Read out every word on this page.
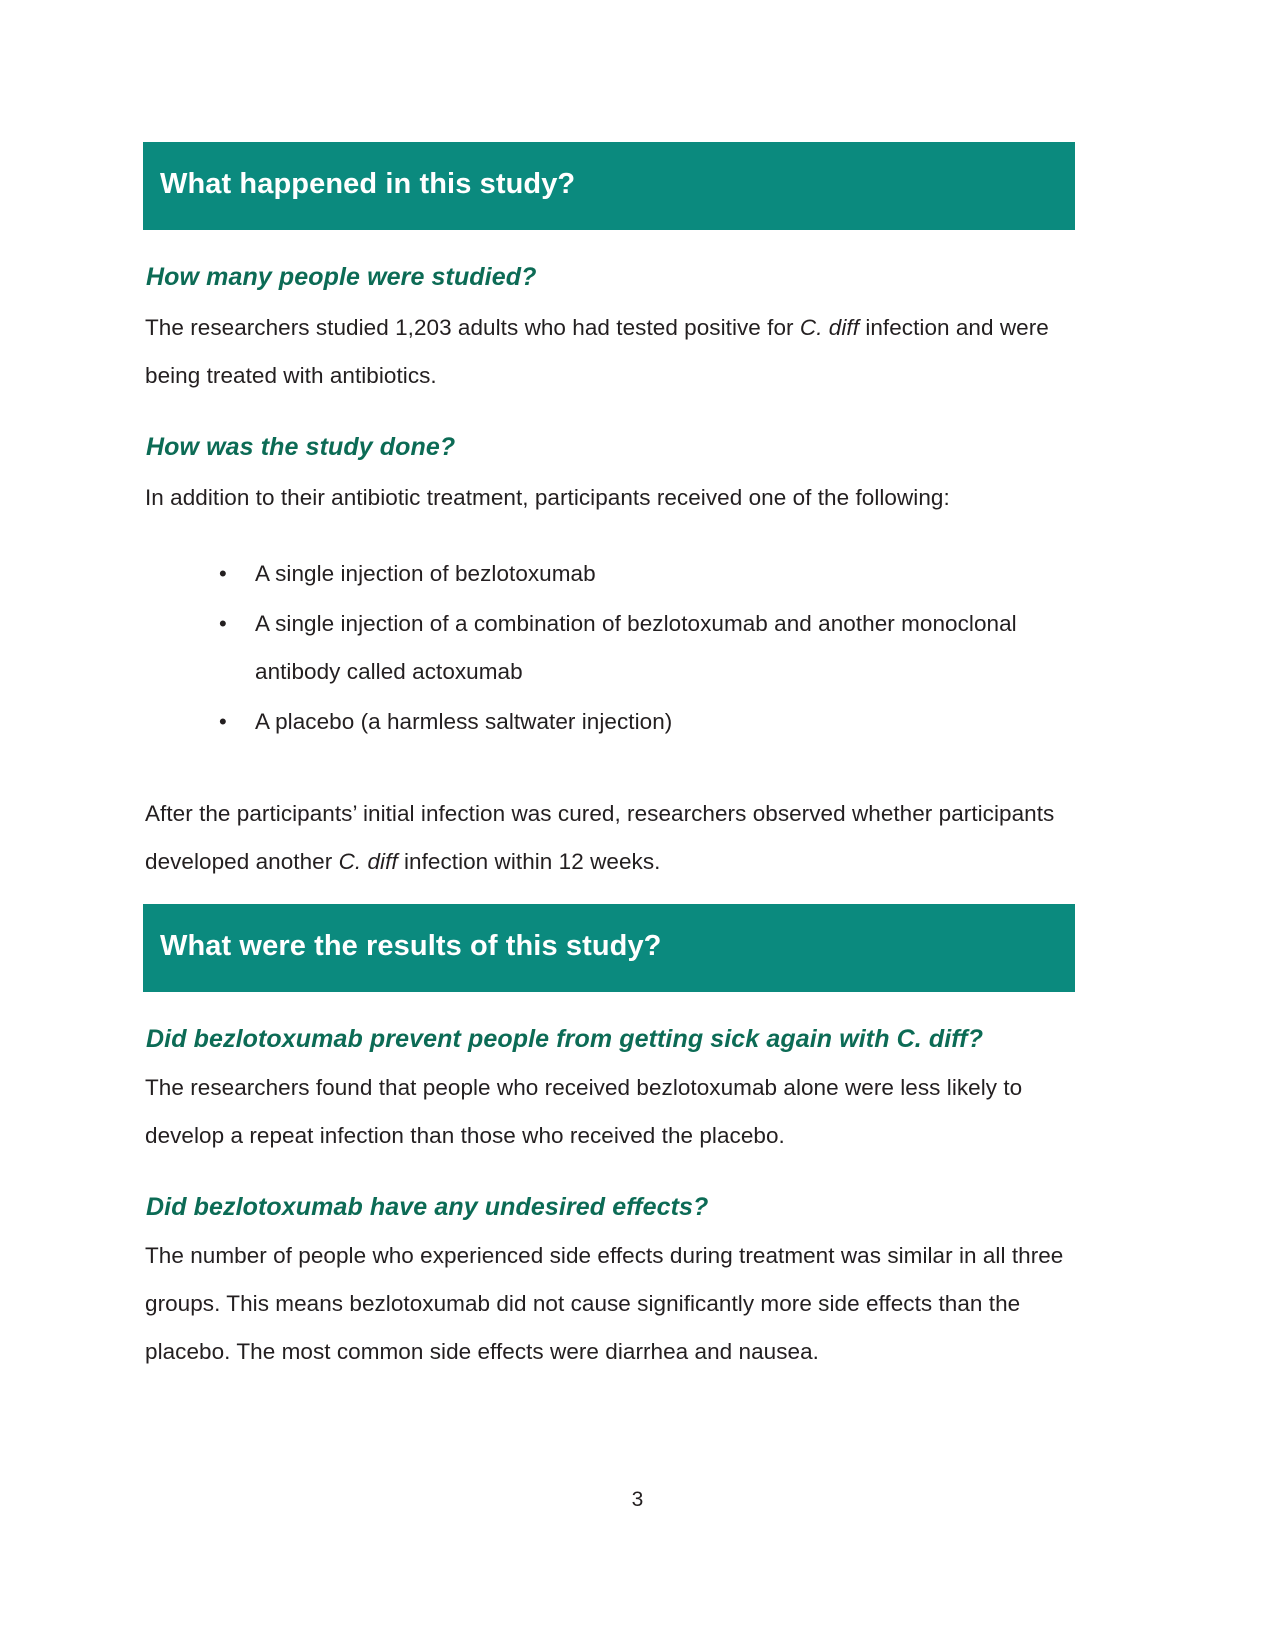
What happened in this study?
How many people were studied?

The researchers studied 1,203 adults who had tested positive for C. diff infection and were being treated with antibiotics.

How was the study done?

In addition to their antibiotic treatment, participants received one of the following:

• A single injection of bezlotoxumab
• A single injection of a combination of bezlotoxumab and another monoclonal antibody called actoxumab
• A placebo (a harmless saltwater injection)

After the participants’ initial infection was cured, researchers observed whether participants developed another C. diff infection within 12 weeks.

What were the results of this study?
Did bezlotoxumab prevent people from getting sick again with C. diff?

The researchers found that people who received bezlotoxumab alone were less likely to develop a repeat infection than those who received the placebo.

Did bezlotoxumab have any undesired effects?

The number of people who experienced side effects during treatment was similar in all three groups. This means bezlotoxumab did not cause significantly more side effects than the placebo. The most common side effects were diarrhea and nausea.

3
